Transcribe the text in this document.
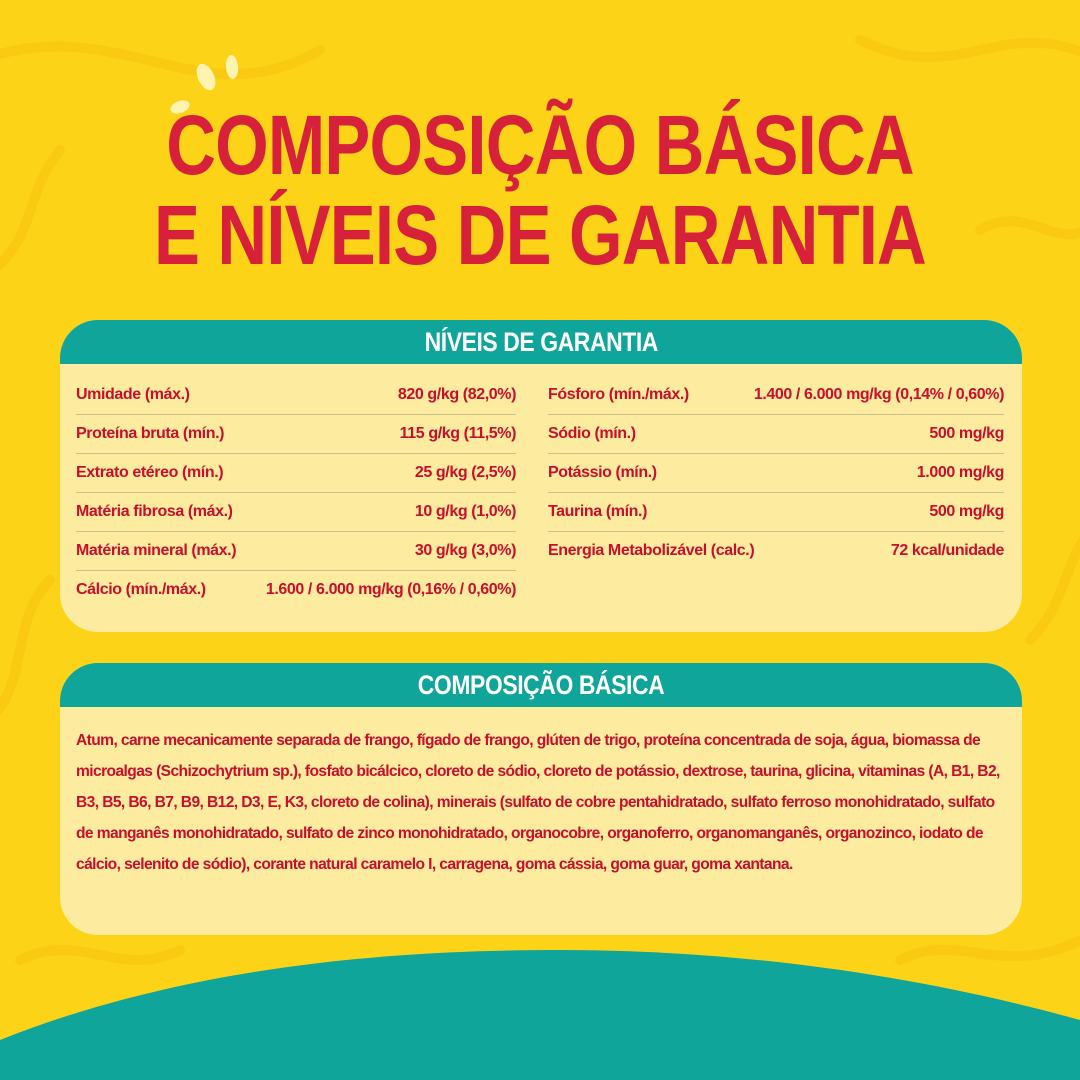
COMPOSIÇÃO BÁSICA
E NÍVEIS DE GARANTIA
NÍVEIS DE GARANTIA
Umidade (máx.)	820 g/kg (82,0%)
Proteína bruta (mín.)	115 g/kg (11,5%)
Extrato etéreo (mín.)	25 g/kg (2,5%)
Matéria fibrosa (máx.)	10 g/kg (1,0%)
Matéria mineral (máx.)	30 g/kg (3,0%)
Cálcio (mín./máx.)	1.600 / 6.000 mg/kg (0,16% / 0,60%)
Fósforo (mín./máx.)	1.400 / 6.000 mg/kg (0,14% / 0,60%)
Sódio (mín.)	500 mg/kg
Potássio (mín.)	1.000 mg/kg
Taurina (mín.)	500 mg/kg
Energia Metabolizável (calc.)	72 kcal/unidade
COMPOSIÇÃO BÁSICA

Atum, carne mecanicamente separada de frango, fígado de frango, glúten de trigo, proteína concentrada de soja, água, biomassa de microalgas (Schizochytrium sp.), fosfato bicálcico, cloreto de sódio, cloreto de potássio, dextrose, taurina, glicina, vitaminas (A, B1, B2, B3, B5, B6, B7, B9, B12, D3, E, K3, cloreto de colina), minerais (sulfato de cobre pentahidratado, sulfato ferroso monohidratado, sulfato de manganês monohidratado, sulfato de zinco monohidratado, organocobre, organoferro, organomanganês, organozinco, iodato de cálcio, selenito de sódio), corante natural caramelo I, carragena, goma cássia, goma guar, goma xantana.
